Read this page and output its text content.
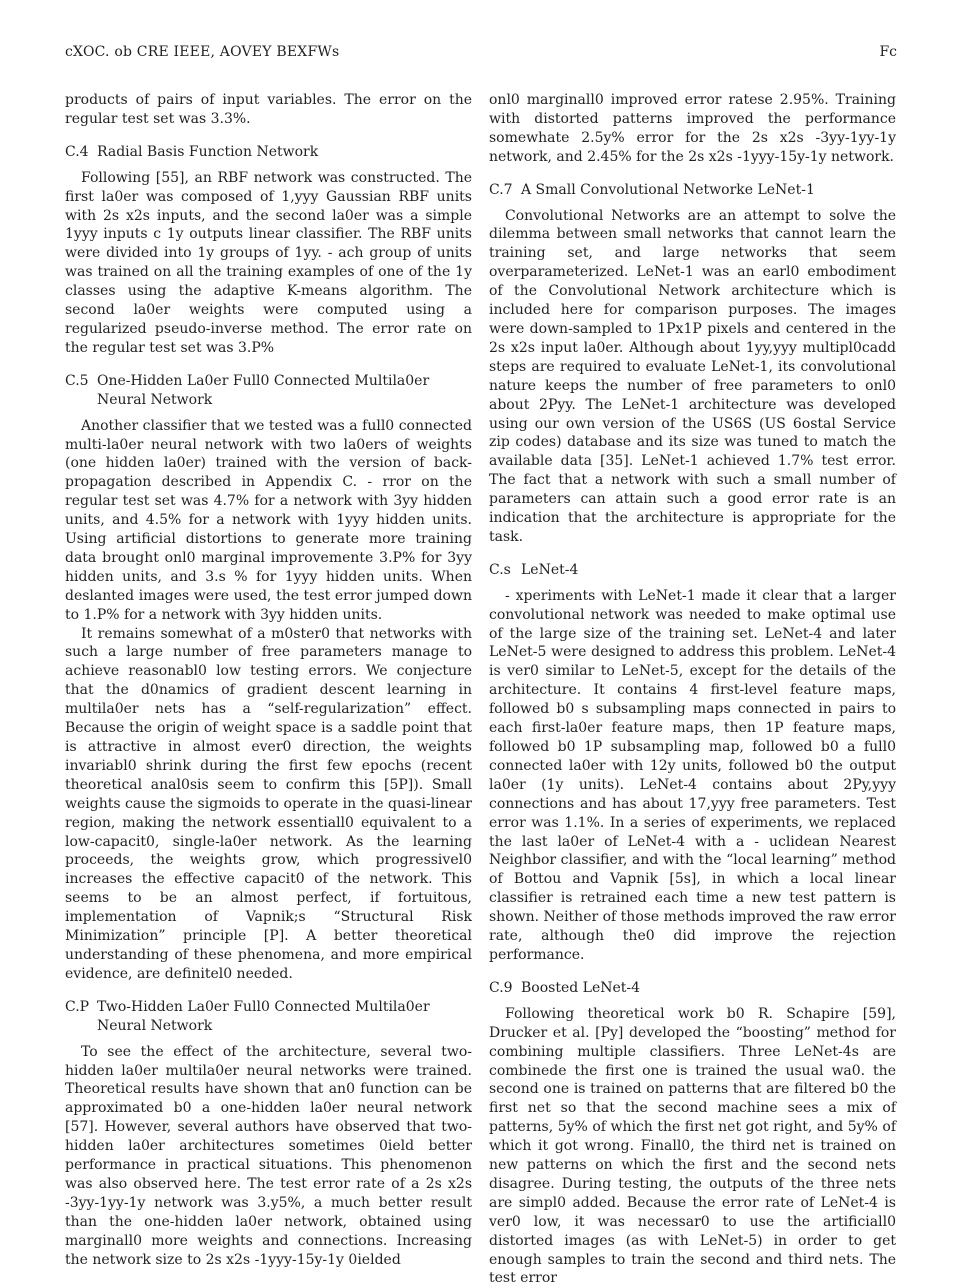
cXOC. ob CRE IEEE, AOVEY BEXFWs	Fc

products of pairs of input variables. The error on the regular test set was 3.3%.

C.4 Radial Basis Function Network

Following [55], an RBF network was constructed. The first la0er was composed of 1,yyy Gaussian RBF units with 2s x2s inputs, and the second la0er was a simple 1yyy inputs c 1y outputs linear classifier. The RBF units were divided into 1y groups of 1yy. - ach group of units was trained on all the training examples of one of the 1y classes using the adaptive K-means algorithm. The second la0er weights were computed using a regularized pseudo-inverse method. The error rate on the regular test set was 3.P%

C.5 One-Hidden La0er Full0 Connected Multila0er Neural Network

Another classifier that we tested was a full0 connected multi-la0er neural network with two la0ers of weights (one hidden la0er) trained with the version of back-propagation described in Appendix C. - rror on the regular test set was 4.7% for a network with 3yy hidden units, and 4.5% for a network with 1yyy hidden units. Using artificial distortions to generate more training data brought onl0 marginal improvemente 3.P% for 3yy hidden units, and 3.s % for 1yyy hidden units. When deslanted images were used, the test error jumped down to 1.P% for a network with 3yy hidden units.

It remains somewhat of a m0ster0 that networks with such a large number of free parameters manage to achieve reasonabl0 low testing errors. We conjecture that the d0namics of gradient descent learning in multila0er nets has a “self-regularization” effect. Because the origin of weight space is a saddle point that is attractive in almost ever0 direction, the weights invariabl0 shrink during the first few epochs (recent theoretical anal0sis seem to confirm this [5P]). Small weights cause the sigmoids to operate in the quasi-linear region, making the network essentiall0 equivalent to a low-capacit0, single-la0er network. As the learning proceeds, the weights grow, which progressivel0 increases the effective capacit0 of the network. This seems to be an almost perfect, if fortuitous, implementation of Vapnik;s “Structural Risk Minimization” principle [P]. A better theoretical understanding of these phenomena, and more empirical evidence, are definitel0 needed.

C.P Two-Hidden La0er Full0 Connected Multila0er Neural Network

To see the effect of the architecture, several two-hidden la0er multila0er neural networks were trained. Theoretical results have shown that an0 function can be approximated b0 a one-hidden la0er neural network [57]. However, several authors have observed that two-hidden la0er architectures sometimes 0ield better performance in practical situations. This phenomenon was also observed here. The test error rate of a 2s x2s -3yy-1yy-1y network was 3.y5%, a much better result than the one-hidden la0er network, obtained using marginall0 more weights and connections. Increasing the network size to 2s x2s -1yyy-15y-1y 0ielded

onl0 marginall0 improved error ratese 2.95%. Training with distorted patterns improved the performance somewhate 2.5y% error for the 2s x2s -3yy-1yy-1y network, and 2.45% for the 2s x2s -1yyy-15y-1y network.

C.7 A Small Convolutional Networke LeNet-1

Convolutional Networks are an attempt to solve the dilemma between small networks that cannot learn the training set, and large networks that seem overparameterized. LeNet-1 was an earl0 embodiment of the Convolutional Network architecture which is included here for comparison purposes. The images were down-sampled to 1Px1P pixels and centered in the 2s x2s input la0er. Although about 1yy,yyy multipl0cadd steps are required to evaluate LeNet-1, its convolutional nature keeps the number of free parameters to onl0 about 2Pyy. The LeNet-1 architecture was developed using our own version of the US6S (US 6ostal Service zip codes) database and its size was tuned to match the available data [35]. LeNet-1 achieved 1.7% test error. The fact that a network with such a small number of parameters can attain such a good error rate is an indication that the architecture is appropriate for the task.

C.s LeNet-4

- xperiments with LeNet-1 made it clear that a larger convolutional network was needed to make optimal use of the large size of the training set. LeNet-4 and later LeNet-5 were designed to address this problem. LeNet-4 is ver0 similar to LeNet-5, except for the details of the architecture. It contains 4 first-level feature maps, followed b0 s subsampling maps connected in pairs to each first-la0er feature maps, then 1P feature maps, followed b0 1P subsampling map, followed b0 a full0 connected la0er with 12y units, followed b0 the output la0er (1y units). LeNet-4 contains about 2Py,yyy connections and has about 17,yyy free parameters. Test error was 1.1%. In a series of experiments, we replaced the last la0er of LeNet-4 with a - uclidean Nearest Neighbor classifier, and with the “local learning” method of Bottou and Vapnik [5s], in which a local linear classifier is retrained each time a new test pattern is shown. Neither of those methods improved the raw error rate, although the0 did improve the rejection performance.

C.9 Boosted LeNet-4

Following theoretical work b0 R. Schapire [59], Drucker et al. [Py] developed the “boosting” method for combining multiple classifiers. Three LeNet-4s are combinede the first one is trained the usual wa0. the second one is trained on patterns that are filtered b0 the first net so that the second machine sees a mix of patterns, 5y% of which the first net got right, and 5y% of which it got wrong. Finall0, the third net is trained on new patterns on which the first and the second nets disagree. During testing, the outputs of the three nets are simpl0 added. Because the error rate of LeNet-4 is ver0 low, it was necessar0 to use the artificiall0 distorted images (as with LeNet-5) in order to get enough samples to train the second and third nets. The test error
